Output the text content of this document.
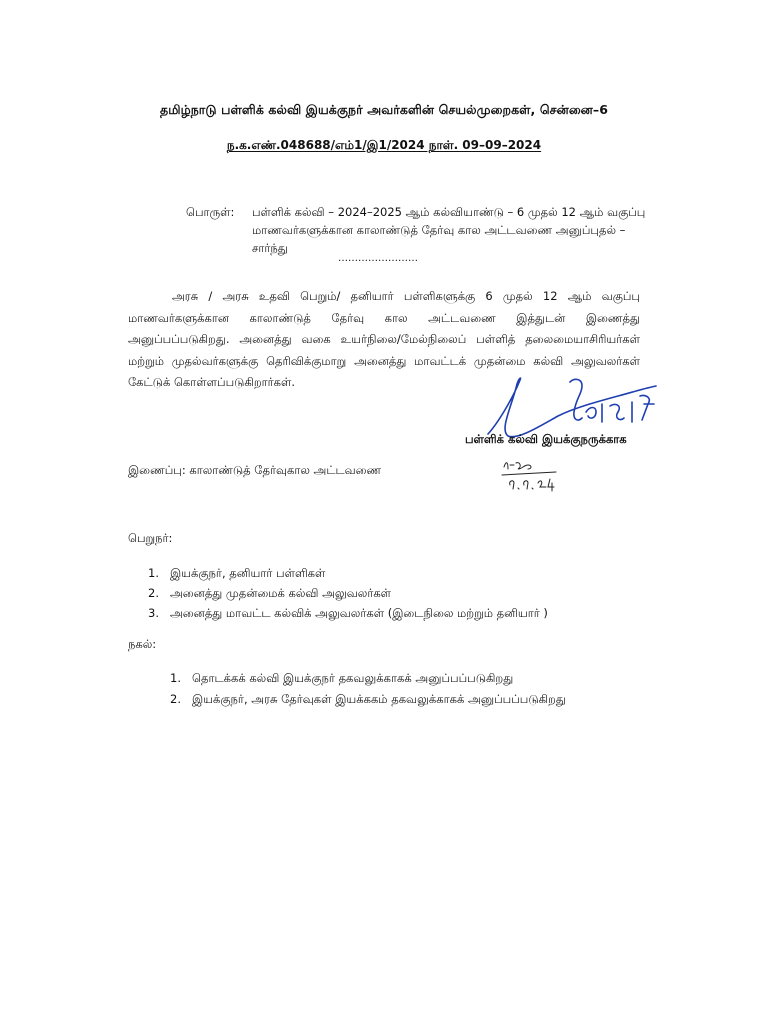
தமிழ்நாடு பள்ளிக் கல்வி இயக்குநர் அவர்களின் செயல்முறைகள், சென்னை–6
ந.க.எண்.048688/எம்1/இ1/2024 நாள். 09–09–2024
பொருள்:	பள்ளிக் கல்வி – 2024–2025 ஆம் கல்வியாண்டு – 6 முதல் 12 ஆம் வகுப்பு மாணவர்களுக்கான காலாண்டுத் தேர்வு கால அட்டவணை அனுப்புதல் – சார்ந்து
……………………
அரசு / அரசு உதவி பெறும்/ தனியார் பள்ளிகளுக்கு 6 முதல் 12 ஆம் வகுப்பு மாணவர்களுக்கான காலாண்டுத் தேர்வு கால அட்டவணை இத்துடன் இணைத்து அனுப்பப்படுகிறது. அனைத்து வகை உயர்நிலை/மேல்நிலைப் பள்ளித் தலைமையாசிரியர்கள் மற்றும் முதல்வர்களுக்கு தெரிவிக்குமாறு அனைத்து மாவட்டக் முதன்மை கல்வி அலுவலர்கள் கேட்டுக் கொள்ளப்படுகிறார்கள்.
பள்ளிக் கல்வி இயக்குநருக்காக
இணைப்பு: காலாண்டுத் தேர்வுகால அட்டவணை
பெறுநர்:
1. இயக்குநர், தனியார் பள்ளிகள்
2. அனைத்து முதன்மைக் கல்வி அலுவலர்கள்
3. அனைத்து மாவட்ட கல்விக் அலுவலர்கள் (இடைநிலை மற்றும் தனியார் )
நகல்:
1. தொடக்கக் கல்வி இயக்குநர் தகவலுக்காகக் அனுப்பப்படுகிறது
2. இயக்குநர், அரசு தேர்வுகள் இயக்ககம் தகவலுக்காகக் அனுப்பப்படுகிறது
